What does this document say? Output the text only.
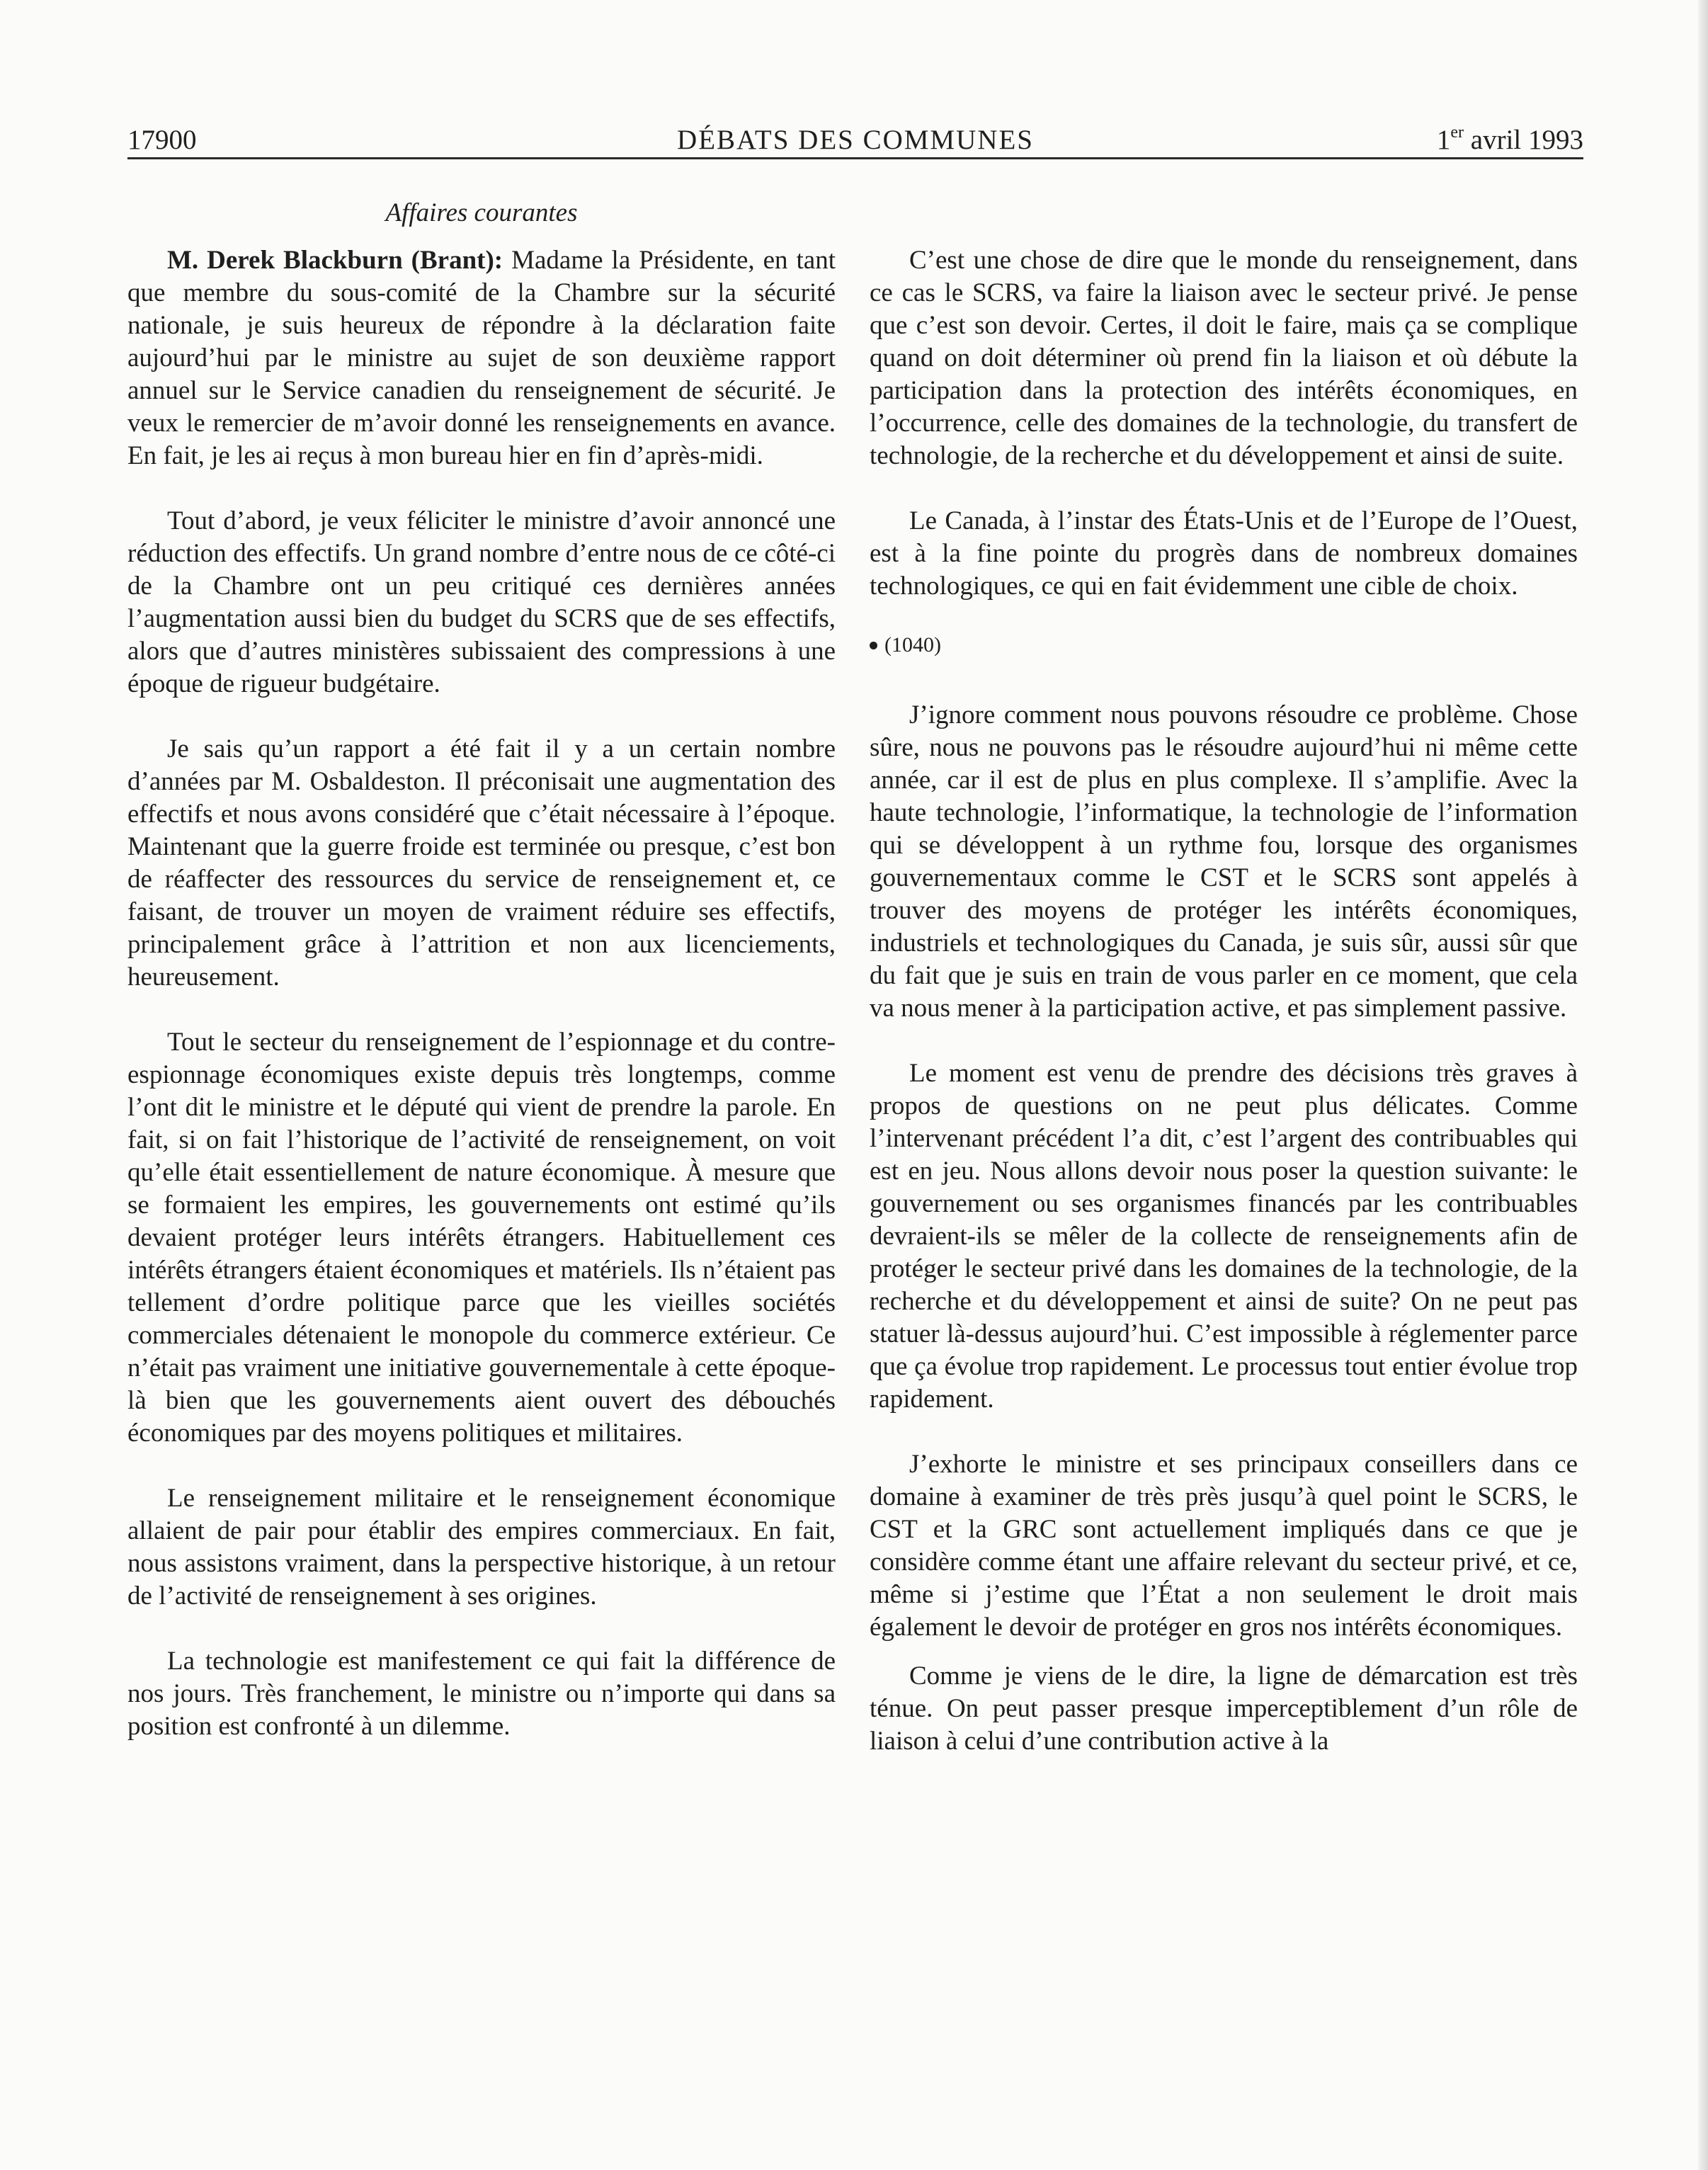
17900	DÉBATS DES COMMUNES	1er avril 1993
Affaires courantes

M. Derek Blackburn (Brant): Madame la Présidente, en tant que membre du sous-comité de la Chambre sur la sécurité nationale, je suis heureux de répondre à la déclaration faite aujourd’hui par le ministre au sujet de son deuxième rapport annuel sur le Service canadien du renseignement de sécurité. Je veux le remercier de m’avoir donné les renseignements en avance. En fait, je les ai reçus à mon bureau hier en fin d’après-midi.

Tout d’abord, je veux féliciter le ministre d’avoir annoncé une réduction des effectifs. Un grand nombre d’entre nous de ce côté-ci de la Chambre ont un peu critiqué ces dernières années l’augmentation aussi bien du budget du SCRS que de ses effectifs, alors que d’autres ministères subissaient des compressions à une époque de rigueur budgétaire.

Je sais qu’un rapport a été fait il y a un certain nombre d’années par M. Osbaldeston. Il préconisait une augmentation des effectifs et nous avons considéré que c’était nécessaire à l’époque. Maintenant que la guerre froide est terminée ou presque, c’est bon de réaffecter des ressources du service de renseignement et, ce faisant, de trouver un moyen de vraiment réduire ses effectifs, principalement grâce à l’attrition et non aux licenciements, heureusement.

Tout le secteur du renseignement de l’espionnage et du contre-espionnage économiques existe depuis très longtemps, comme l’ont dit le ministre et le député qui vient de prendre la parole. En fait, si on fait l’historique de l’activité de renseignement, on voit qu’elle était essentiellement de nature économique. À mesure que se formaient les empires, les gouvernements ont estimé qu’ils devaient protéger leurs intérêts étrangers. Habituellement ces intérêts étrangers étaient économiques et matériels. Ils n’étaient pas tellement d’ordre politique parce que les vieilles sociétés commerciales détenaient le monopole du commerce extérieur. Ce n’était pas vraiment une initiative gouvernementale à cette époque-là bien que les gouvernements aient ouvert des débouchés économiques par des moyens politiques et militaires.

Le renseignement militaire et le renseignement économique allaient de pair pour établir des empires commerciaux. En fait, nous assistons vraiment, dans la perspective historique, à un retour de l’activité de renseignement à ses origines.

La technologie est manifestement ce qui fait la différence de nos jours. Très franchement, le ministre ou n’importe qui dans sa position est confronté à un dilemme.

C’est une chose de dire que le monde du renseignement, dans ce cas le SCRS, va faire la liaison avec le secteur privé. Je pense que c’est son devoir. Certes, il doit le faire, mais ça se complique quand on doit déterminer où prend fin la liaison et où débute la participation dans la protection des intérêts économiques, en l’occurrence, celle des domaines de la technologie, du transfert de technologie, de la recherche et du développement et ainsi de suite.

Le Canada, à l’instar des États-Unis et de l’Europe de l’Ouest, est à la fine pointe du progrès dans de nombreux domaines technologiques, ce qui en fait évidemment une cible de choix.

(1040)

J’ignore comment nous pouvons résoudre ce problème. Chose sûre, nous ne pouvons pas le résoudre aujourd’hui ni même cette année, car il est de plus en plus complexe. Il s’amplifie. Avec la haute technologie, l’informatique, la technologie de l’information qui se développent à un rythme fou, lorsque des organismes gouvernementaux comme le CST et le SCRS sont appelés à trouver des moyens de protéger les intérêts économiques, industriels et technologiques du Canada, je suis sûr, aussi sûr que du fait que je suis en train de vous parler en ce moment, que cela va nous mener à la participation active, et pas simplement passive.

Le moment est venu de prendre des décisions très graves à propos de questions on ne peut plus délicates. Comme l’intervenant précédent l’a dit, c’est l’argent des contribuables qui est en jeu. Nous allons devoir nous poser la question suivante: le gouvernement ou ses organismes financés par les contribuables devraient-ils se mêler de la collecte de renseignements afin de protéger le secteur privé dans les domaines de la technologie, de la recherche et du développement et ainsi de suite? On ne peut pas statuer là-dessus aujourd’hui. C’est impossible à réglementer parce que ça évolue trop rapidement. Le processus tout entier évolue trop rapidement.

J’exhorte le ministre et ses principaux conseillers dans ce domaine à examiner de très près jusqu’à quel point le SCRS, le CST et la GRC sont actuellement impliqués dans ce que je considère comme étant une affaire relevant du secteur privé, et ce, même si j’estime que l’État a non seulement le droit mais également le devoir de protéger en gros nos intérêts économiques.

Comme je viens de le dire, la ligne de démarcation est très ténue. On peut passer presque imperceptiblement d’un rôle de liaison à celui d’une contribution active à la
